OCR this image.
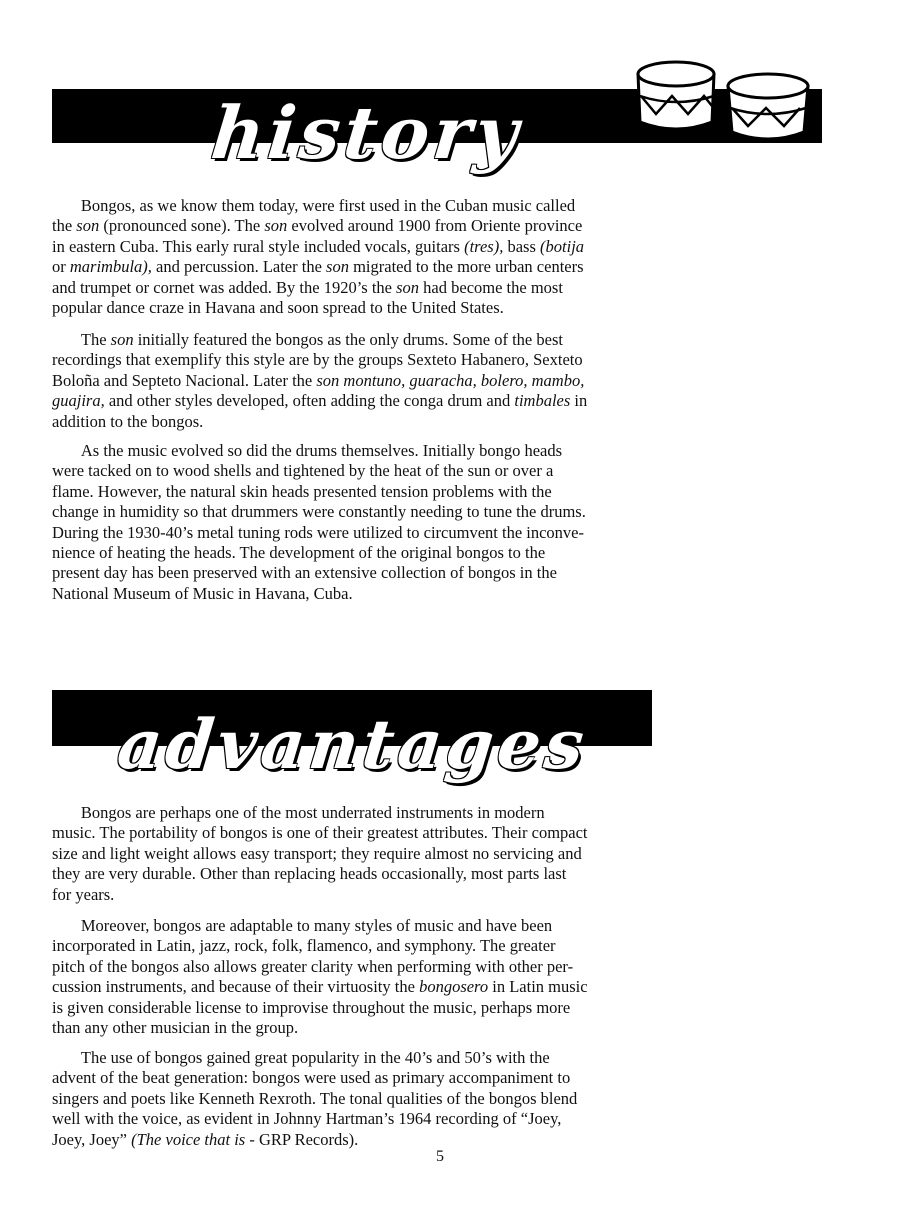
history
Bongos, as we know them today, were first used in the Cuban music called
the son (pronounced sone). The son evolved around 1900 from Oriente province
in eastern Cuba. This early rural style included vocals, guitars (tres), bass (botija
or marimbula), and percussion. Later the son migrated to the more urban centers
and trumpet or cornet was added. By the 1920’s the son had become the most
popular dance craze in Havana and soon spread to the United States.
The son initially featured the bongos as the only drums. Some of the best
recordings that exemplify this style are by the groups Sexteto Habanero, Sexteto
Boloña and Septeto Nacional. Later the son montuno, guaracha, bolero, mambo,
guajira, and other styles developed, often adding the conga drum and timbales in
addition to the bongos.
As the music evolved so did the drums themselves. Initially bongo heads
were tacked on to wood shells and tightened by the heat of the sun or over a
flame. However, the natural skin heads presented tension problems with the
change in humidity so that drummers were constantly needing to tune the drums.
During the 1930-40’s metal tuning rods were utilized to circumvent the inconve-
nience of heating the heads. The development of the original bongos to the
present day has been preserved with an extensive collection of bongos in the
National Museum of Music in Havana, Cuba.
advantages
Bongos are perhaps one of the most underrated instruments in modern
music. The portability of bongos is one of their greatest attributes. Their compact
size and light weight allows easy transport; they require almost no servicing and
they are very durable. Other than replacing heads occasionally, most parts last
for years.
Moreover, bongos are adaptable to many styles of music and have been
incorporated in Latin, jazz, rock, folk, flamenco, and symphony. The greater
pitch of the bongos also allows greater clarity when performing with other per-
cussion instruments, and because of their virtuosity the bongosero in Latin music
is given considerable license to improvise throughout the music, perhaps more
than any other musician in the group.
The use of bongos gained great popularity in the 40’s and 50’s with the
advent of the beat generation: bongos were used as primary accompaniment to
singers and poets like Kenneth Rexroth. The tonal qualities of the bongos blend
well with the voice, as evident in Johnny Hartman’s 1964 recording of “Joey,
Joey, Joey” (The voice that is - GRP Records).
5
